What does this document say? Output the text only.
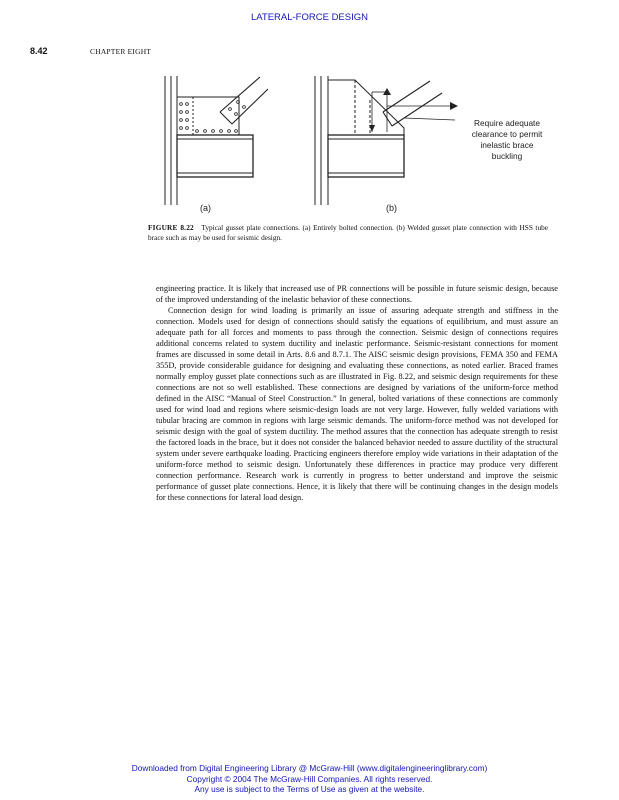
LATERAL-FORCE DESIGN
8.42	CHAPTER EIGHT
(a)	(b)
Require adequate
clearance to permit
inelastic brace
buckling
FIGURE 8.22 Typical gusset plate connections. (a) Entirely bolted connection. (b) Welded gusset plate connection with HSS tube brace such as may be used for seismic design.

engineering practice. It is likely that increased use of PR connections will be possible in future seismic design, because of the improved understanding of the inelastic behavior of these connections.

Connection design for wind loading is primarily an issue of assuring adequate strength and stiffness in the connection. Models used for design of connections should satisfy the equations of equilibrium, and must assure an adequate path for all forces and moments to pass through the connection. Seismic design of connections requires additional concerns related to system ductility and inelastic performance. Seismic-resistant connections for moment frames are discussed in some detail in Arts. 8.6 and 8.7.1. The AISC seismic design provisions, FEMA 350 and FEMA 355D, provide considerable guidance for designing and evaluating these connections, as noted earlier. Braced frames normally employ gusset plate connections such as are illustrated in Fig. 8.22, and seismic design requirements for these connections are not so well established. These connections are designed by variations of the uniform-force method defined in the AISC “Manual of Steel Construction.” In general, bolted variations of these connections are commonly used for wind load and regions where seismic-design loads are not very large. However, fully welded variations with tubular bracing are common in regions with large seismic demands. The uniform-force method was not developed for seismic design with the goal of system ductility. The method assures that the connection has adequate strength to resist the factored loads in the brace, but it does not consider the balanced behavior needed to assure ductility of the structural system under severe earthquake loading. Practicing engineers therefore employ wide variations in their adaptation of the uniform-force method to seismic design. Unfortunately these differences in practice may produce very different connection performance. Research work is currently in progress to better understand and improve the seismic performance of gusset plate connections. Hence, it is likely that there will be continuing changes in the design models for these connections for lateral load design.

Downloaded from Digital Engineering Library @ McGraw-Hill (www.digitalengineeringlibrary.com)
Copyright © 2004 The McGraw-Hill Companies. All rights reserved.
Any use is subject to the Terms of Use as given at the website.
